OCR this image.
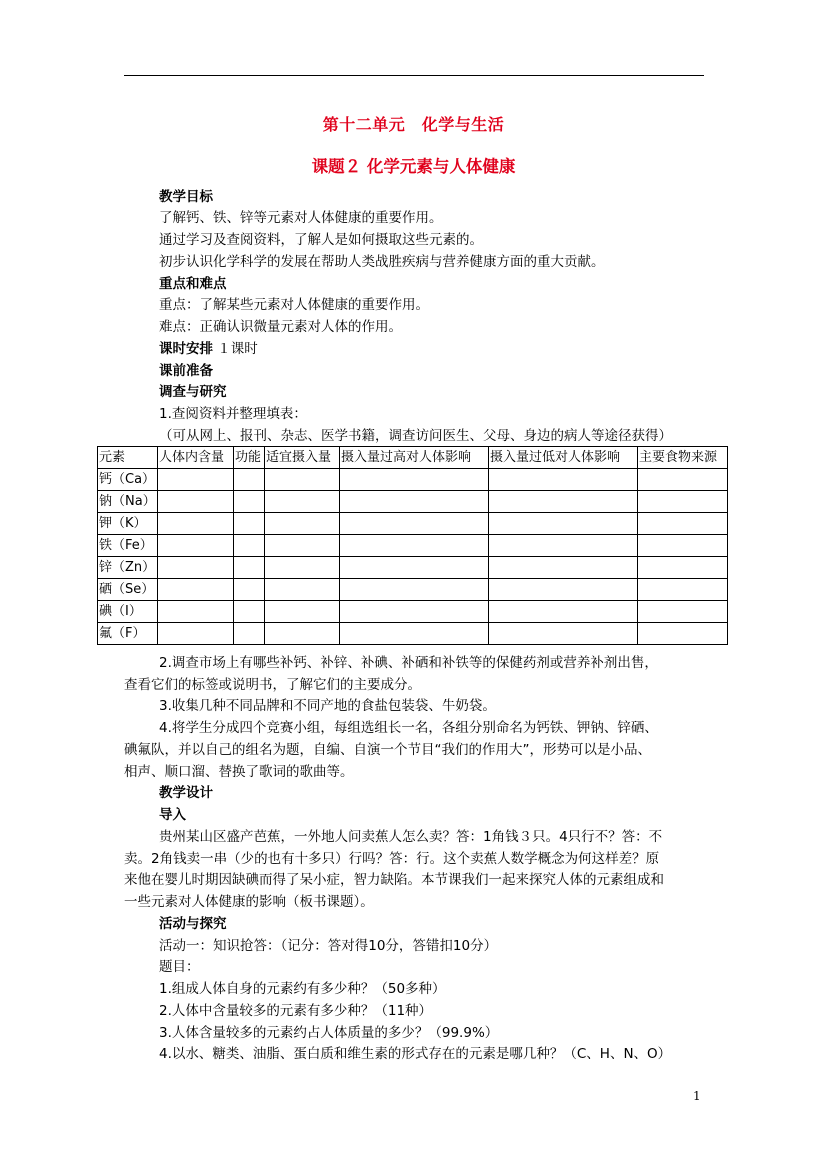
第十二单元　化学与生活
课题２ 化学元素与人体健康
教学目标
了解钙、铁、锌等元素对人体健康的重要作用。
通过学习及查阅资料，了解人是如何摄取这些元素的。
初步认识化学科学的发展在帮助人类战胜疾病与营养健康方面的重大贡献。
重点和难点
重点：了解某些元素对人体健康的重要作用。
难点：正确认识微量元素对人体的作用。
课时安排 １课时
课前准备
调查与研究
1.查阅资料并整理填表：
（可从网上、报刊、杂志、医学书籍，调查访问医生、父母、身边的病人等途径获得）
元素	人体内含量	功能	适宜摄入量	摄入量过高对人体影响	摄入量过低对人体影响	主要食物来源
钙（Ca）						
钠（Na）						
钾（K）						
铁（Fe）						
锌（Zn）						
硒（Se）						
碘（I）						
氟（F）						
2.调查市场上有哪些补钙、补锌、补碘、补硒和补铁等的保健药剂或营养补剂出售，
查看它们的标签或说明书，了解它们的主要成分。
3.收集几种不同品牌和不同产地的食盐包装袋、牛奶袋。
4.将学生分成四个竞赛小组，每组选组长一名，各组分别命名为钙铁、钾钠、锌硒、
碘氟队，并以自己的组名为题，自编、自演一个节目“我们的作用大”，形势可以是小品、
相声、顺口溜、替换了歌词的歌曲等。
教学设计
导入
贵州某山区盛产芭蕉，一外地人问卖蕉人怎么卖？答：1角钱３只。4只行不？答：不
卖。2角钱卖一串（少的也有十多只）行吗？答：行。这个卖蕉人数学概念为何这样差？原
来他在婴儿时期因缺碘而得了呆小症，智力缺陷。本节课我们一起来探究人体的元素组成和
一些元素对人体健康的影响（板书课题）。
活动与探究
活动一：知识抢答：（记分：答对得10分，答错扣10分）
题目：
1.组成人体自身的元素约有多少种？（50多种）
2.人体中含量较多的元素有多少种？（11种）
3.人体含量较多的元素约占人体质量的多少？（99.9%）
4.以水、糖类、油脂、蛋白质和维生素的形式存在的元素是哪几种？（C、H、N、O）
1
